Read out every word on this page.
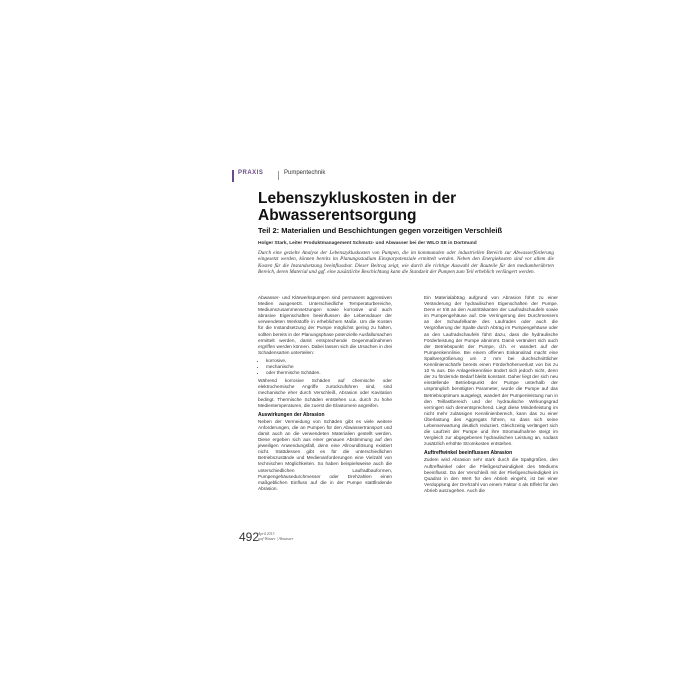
PRAXIS	Pumpentechnik
Lebenszykluskosten in der Abwasserentsorgung
Teil 2: Materialien und Beschichtungen gegen vorzeitigen Verschleiß
Holger Stark, Leiter Produktmanagement Schmutz- und Abwasser bei der WILO SE in Dortmund
Durch eine gezielte Analyse der Lebenszykluskosten von Pumpen, die im kommunalen oder industriellen Bereich zur Abwasserförderung eingesetzt werden, können bereits im Planungsstadium Einsparpotenziale ermittelt werden. Neben den Energiekosten sind vor allem die Kosten für die Instandsetzung beeinflussbar. Dieser Beitrag zeigt, wie durch die richtige Auswahl der Bauteile für den mediumberührten Bereich, deren Material und ggf. eine zusätzliche Beschichtung kann die Standzeit der Pumpen zum Teil erheblich verlängert werden.

Abwasser- und Klärwerkspumpen sind permanent aggressiven Medien ausgesetzt. Unterschiedliche Temperaturbereiche, Mediumszusammensetzungen sowie korrosive und auch abrasive Eigenschaften beeinflussen die Lebensdauer der verwendeten Werkstoffe in erheblichem Maße. Um die Kosten für die Instandsetzung der Pumpe möglichst gering zu halten, sollten bereits in der Planungsphase potenzielle Ausfallursachen ermittelt werden, damit entsprechende Gegenmaßnahmen ergriffen werden können. Dabei lassen sich die Ursachen in drei Schadensarten unterteilen:

• korrosive,
• mechanische
• oder thermische Schäden.

Während korrosive Schäden auf chemische oder elektrochemische Angriffe zurückzuführen sind, sind mechanische eher durch Verschleiß, Abrasion oder Kavitation bedingt. Thermische Schäden entstehen u.a. durch zu hohe Medientemperaturen, die zuerst die Elastomere angreifen.

Auswirkungen der Abrasion

Neben der Vermeidung von Schäden gibt es viele weitere Anforderungen, die an Pumpen für den Abwassertransport und damit auch an die verwendeten Materialien gestellt werden. Diese ergeben sich aus einer genauen Abstimmung auf den jeweiligen Anwendungsfall, denn eine Allroundlösung existiert nicht. Stattdessen gibt es für die unterschiedlichen Betriebszustände und Medienanforderungen eine Vielzahl von technischen Möglichkeiten. So haben beispielsweise auch die unterschiedlichen Laufradbauformen, Pumpengehäusedurchmesser oder Drehzahlen einen maßgeblichen Einfluss auf die in der Pumpe stattfindende Abrasion.

Ein Materialabtrag aufgrund von Abrasion führt zu einer Veränderung der hydraulischen Eigenschaften der Pumpe. Denn er tritt an den Austrittskanten der Laufradschaufeln sowie im Pumpengehäuse auf. Die Verringerung des Durchmessers an der Schaufelkante des Laufrades oder auch die Vergrößerung der Spalte durch Abtrag im Pumpengehäuse oder an den Laufradschaufeln führt dazu, dass die hydraulische Förderleistung der Pumpe abnimmt. Damit verändert sich auch der Betriebspunkt der Pumpe, d.h. er wandert auf der Pumpenkennlinie. Bei einem offenen Einkanalrad macht eine Spaltvergrößerung um 2 mm bei durchschnittlicher Kennlinienschärfe bereits einen Förderhöhenverlust von bis zu 10 % aus. Die Anlagenkennlinie ändert sich jedoch nicht, denn der zu fördernde Bedarf bleibt konstant. Daher liegt der sich neu einstellende Betriebspunkt der Pumpe unterhalb der ursprünglich benötigten Parameter, wurde die Pumpe auf das Betriebsoptimum ausgelegt, wandert der Pumpenleistung nun in den Teillastbereich und der hydraulische Wirkungsgrad verringert sich dementsprechend. Liegt diese Minderleistung im nicht mehr zulässigen Kennlinienbereich, kann das zu einer Überlastung des Aggregats führen, so dass sich seine Lebenserwartung deutlich reduziert. Gleichzeitig verlängert sich die Laufzeit der Pumpe und ihre Stromaufnahme steigt im Vergleich zur abgegebenen hydraulischen Leistung an, sodass zusätzlich erhöhte Stromkosten entstehen.

Auftreffwinkel beeinflussen Abrasion

Zudem wird Abrasion sehr stark durch die Spaltgrößen, den Auftreffwinkel oder die Fließgeschwindigkeit des Mediums beeinflusst. Da der Verschleiß mit der Fließgeschwindigkeit im Quadrat in den Wert für den Abrieb eingeht, ist bei einer Verdopplung der Drehzahl von einem Faktor 4 als Effekt für den Abrieb auszugehen. Auch die

492
April 2013
gwf-Wasser | Abwasser
